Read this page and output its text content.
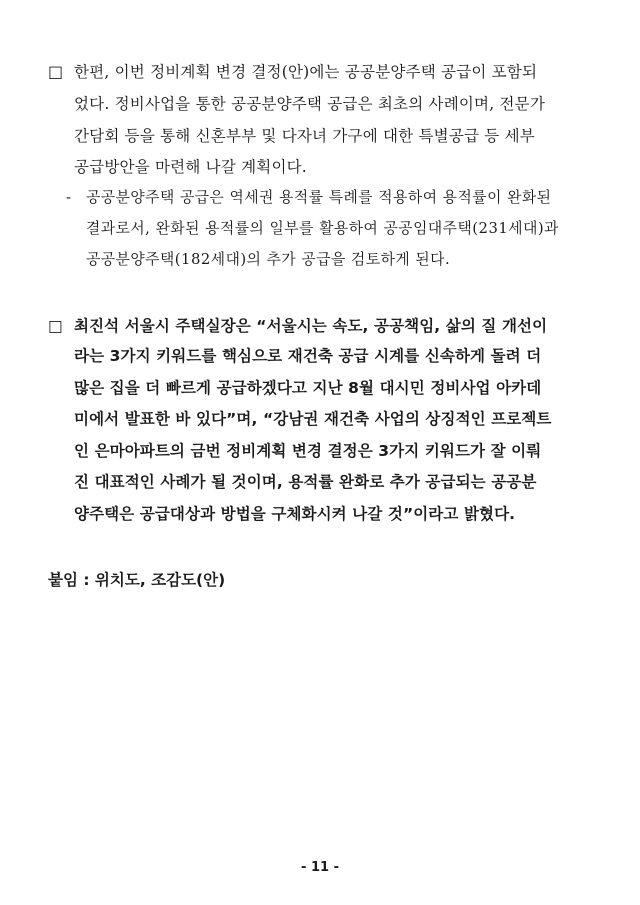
□ 한편, 이번 정비계획 변경 결정(안)에는 공공분양주택 공급이 포함되
었다. 정비사업을 통한 공공분양주택 공급은 최초의 사례이며, 전문가
간담회 등을 통해 신혼부부 및 다자녀 가구에 대한 특별공급 등 세부
공급방안을 마련해 나갈 계획이다.
- 공공분양주택 공급은 역세권 용적률 특례를 적용하여 용적률이 완화된
결과로서, 완화된 용적률의 일부를 활용하여 공공임대주택(231세대)과
공공분양주택(182세대)의 추가 공급을 검토하게 된다.
□ 최진석 서울시 주택실장은 “서울시는 속도, 공공책임, 삶의 질 개선이
라는 3가지 키워드를 핵심으로 재건축 공급 시계를 신속하게 돌려 더
많은 집을 더 빠르게 공급하겠다고 지난 8월 대시민 정비사업 아카데
미에서 발표한 바 있다”며, “강남권 재건축 사업의 상징적인 프로젝트
인 은마아파트의 금번 정비계획 변경 결정은 3가지 키워드가 잘 이뤄
진 대표적인 사례가 될 것이며, 용적률 완화로 추가 공급되는 공공분
양주택은 공급대상과 방법을 구체화시켜 나갈 것”이라고 밝혔다.
붙임 : 위치도, 조감도(안)
- 11 -
